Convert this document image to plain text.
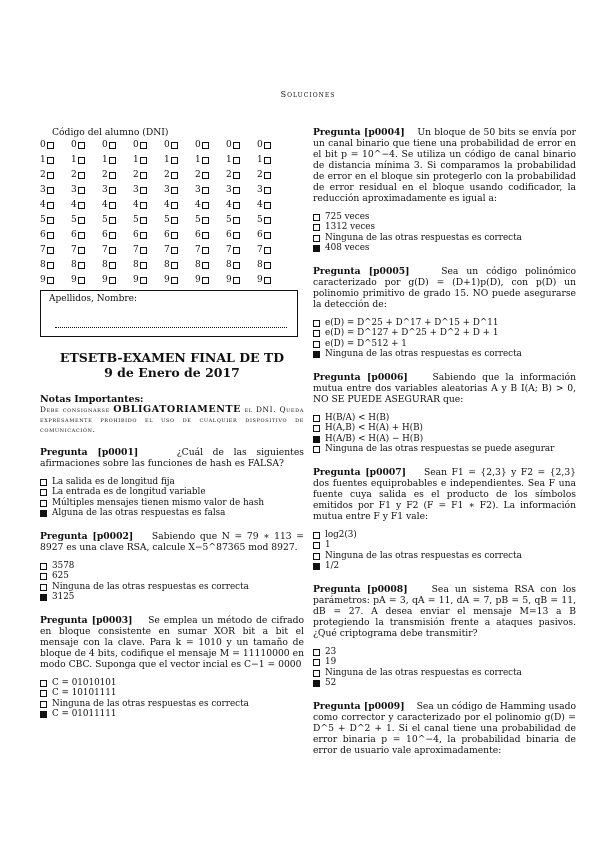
Soluciones
Código del alumno (DNI)
0	0	0	0	0	0	0	0
1	1	1	1	1	1	1	1
2	2	2	2	2	2	2	2
3	3	3	3	3	3	3	3
4	4	4	4	4	4	4	4
5	5	5	5	5	5	5	5
6	6	6	6	6	6	6	6
7	7	7	7	7	7	7	7
8	8	8	8	8	8	8	8
9	9	9	9	9	9	9	9
Apellidos, Nombre:
ETSETB-EXAMEN FINAL DE TD
9 de Enero de 2017
Notas Importantes:
Debe consignarse OBLIGATORIAMENTE el DNI. Queda expresamente prohibido el uso de cualquier dispositivo de comunicación.
Pregunta [p0001]	¿Cuál de las siguientes afirmaciones sobre las funciones de hash es FALSA?
La salida es de longitud fija
La entrada es de longitud variable
Múltiples mensajes tienen mismo valor de hash
Alguna de las otras respuestas es falsa
Pregunta [p0002] Sabiendo que N = 79 ∗ 113 = 8927 es una clave RSA, calcule X−5^87365 mod 8927.
3578
625
Ninguna de las otras respuestas es correcta
3125
Pregunta [p0003] Se emplea un método de cifrado en bloque consistente en sumar XOR bit a bit el mensaje con la clave. Para k = 1010 y un tamaño de bloque de 4 bits, codifique el mensaje M = 11110000 en modo CBC. Suponga que el vector incial es C−1 = 0000
C = 01010101
C = 10101111
Ninguna de las otras respuestas es correcta
C = 01011111
Pregunta [p0004] Un bloque de 50 bits se envía por un canal binario que tiene una probabilidad de error en el bit p = 10^−4. Se utiliza un código de canal binario de distancia mínima 3. Si comparamos la probabilidad de error en el bloque sin protegerlo con la probabilidad de error residual en el bloque usando codificador, la reducción aproximadamente es igual a:
725 veces
1312 veces
Ninguna de las otras respuestas es correcta
408 veces
Pregunta [p0005]	Sea un código polinómico caracterizado por g(D) = (D+1)p(D), con p(D) un polinomio primitivo de grado 15. NO puede asegurarse la detección de:
e(D) = D^25 + D^17 + D^15 + D^11
e(D) = D^127 + D^25 + D^2 + D + 1
e(D) = D^512 + 1
Ninguna de las otras respuestas es correcta
Pregunta [p0006]	Sabiendo que la información mutua entre dos variables aleatorias A y B I(A; B) > 0, NO SE PUEDE ASEGURAR que:
H(B/A) < H(B)
H(A,B) < H(A) + H(B)
H(A/B) < H(A) − H(B)
Ninguna de las otras respuestas se puede asegurar
Pregunta [p0007] Sean F1 = {2,3} y F2 = {2,3} dos fuentes equiprobables e independientes. Sea F una fuente cuya salida es el producto de los símbolos emitidos por F1 y F2 (F = F1 ∗ F2). La información mutua entre F y F1 vale:
log2(3)
1
Ninguna de las otras respuestas es correcta
1/2
Pregunta [p0008]	Sea un sistema RSA con los parámetros: pA = 3, qA = 11, dA = 7, pB = 5, qB = 11, dB = 27. A desea enviar el mensaje M=13 a B protegiendo la transmisión frente a ataques pasivos. ¿Qué criptograma debe transmitir?
23
19
Ninguna de las otras respuestas es correcta
52
Pregunta [p0009] Sea un código de Hamming usado como corrector y caracterizado por el polinomio g(D) = D^5 + D^2 + 1. Si el canal tiene una probabilidad de error binaria p = 10^−4, la probabilidad binaria de error de usuario vale aproximadamente:
